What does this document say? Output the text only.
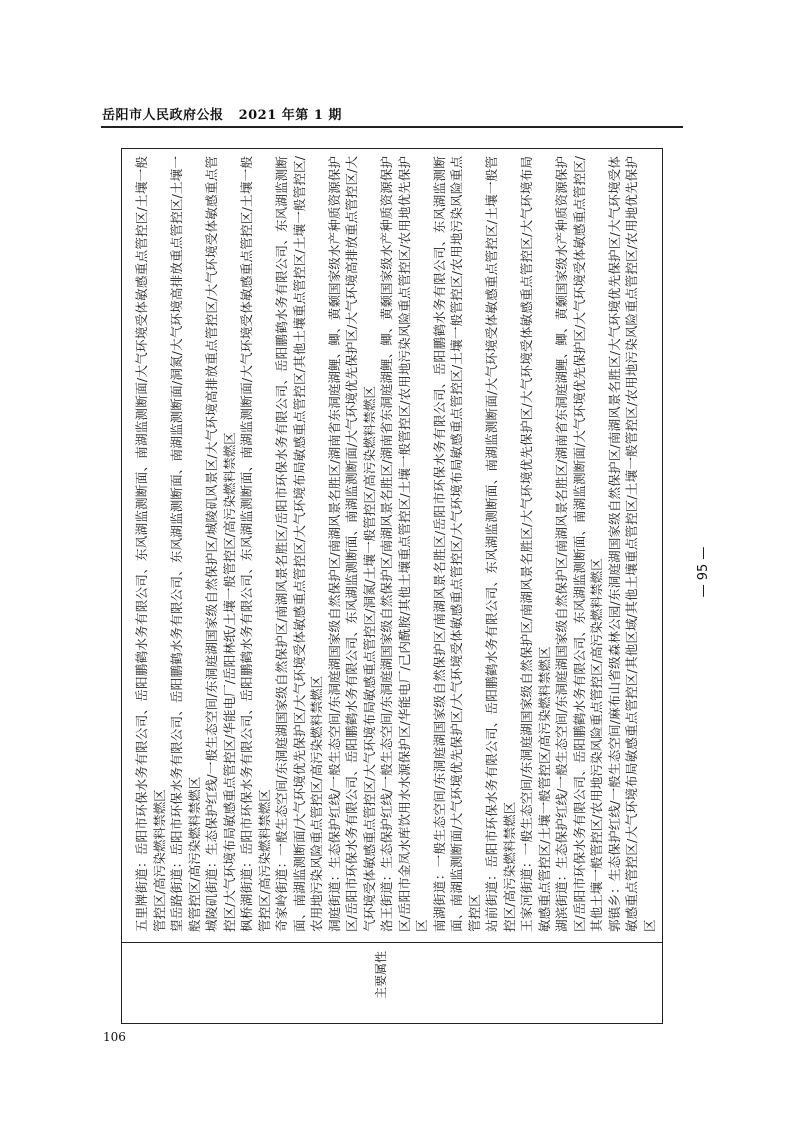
岳阳市人民政府公报 2021 年第 1 期

五里牌街道：岳阳市环保水务有限公司、岳阳鹏鹤水务有限公司、东风湖监测断面、南湖监测断面/大气环境受体敏感重点管控区/土壤一般管控区/高污染燃料禁燃区 望岳路街道：岳阳市环保水务有限公司、岳阳鹏鹤水务有限公司、东风湖监测断面、南湖监测断面/洞氮/大气环境高排放重点管控区/土壤一般管控区/高污染燃料禁燃区 城陵矶街道：生态保护红线/一般生态空间/东洞庭湖国家级自然保护区/城陵矶风景区/大气环境高排放重点管控区/大气环境受体敏感重点管控区/大气环境布局敏感重点管控区/华能电厂/岳阳林纸/土壤一般管控区/高污染燃料禁燃区 枫桥湖街道：岳阳市环保水务有限公司、岳阳鹏鹤水务有限公司、东风湖监测断面、南湖监测断面/大气环境受体敏感重点管控区/土壤一般管控区/高污染燃料禁燃区 奇家岭街道：一般生态空间/东洞庭湖国家级自然保护区/南湖风景名胜区/岳阳市环保水务有限公司、岳阳鹏鹤水务有限公司、东风湖监测断面、南湖监测断面/大气环境优先保护区/大气环境受体敏感重点管控区/大气环境布局敏感重点管控区/其他土壤重点管控区/土壤一般管控区/农用地污染风险重点管控区/高污染燃料禁燃区 洞庭街道：生态保护红线/一般生态空间/东洞庭湖国家级自然保护区/南湖风景名胜区/湖南省东洞庭湖鲤、鲫、黄颡国家级水产种质资源保护区/岳阳市环保水务有限公司、岳阳鹏鹤水务有限公司、东风湖监测断面、南湖监测断面/大气环境优先保护区/大气环境高排放重点管控区/大气环境受体敏感重点管控区/大气环境布局敏感重点管控区/洞氮/土壤一般管控区/高污染燃料禁燃区 洛王街道：生态保护红线/一般生态空间/东洞庭湖国家级自然保护区/南湖风景名胜区/湖南省东洞庭湖鲤、鲫、黄颡国家级水产种质资源保护区/岳阳市金凤水库饮用水水源保护区/华能电厂/己内酰胺/其他土壤重点管控区/土壤一般管控区/农用地污染风险重点管控区/农用地优先保护区 南湖街道：一般生态空间/东洞庭湖国家级自然保护区/南湖风景名胜区/岳阳市环保水务有限公司、岳阳鹏鹤水务有限公司、东风湖监测断面、南湖监测断面/大气环境优先保护区/大气环境受体敏感重点管控区/大气环境布局敏感重点管控区/土壤一般管控区/农用地污染风险重点管控区 站前街道：岳阳市环保水务有限公司、岳阳鹏鹤水务有限公司、东风湖监测断面、南湖监测断面/大气环境受体敏感重点管控区/土壤一般管控区/高污染燃料禁燃区 王家河街道：一般生态空间/东洞庭湖国家级自然保护区/南湖风景名胜区/大气环境优先保护区/大气环境受体敏感重点管控区/大气环境布局敏感重点管控区/土壤一般管控区/高污染燃料禁燃区 湖滨街道：生态保护红线/一般生态空间/东洞庭湖国家级自然保护区/南湖风景名胜区/湖南省东洞庭湖鲤、鲫、黄颡国家级水产种质资源保护区/岳阳市环保水务有限公司、岳阳鹏鹤水务有限公司、东风湖监测断面、南湖监测断面/大气环境优先保护区/大气环境受体敏感重点管控区/其他土壤一般管控区/农用地污染风险重点管控区/高污染燃料禁燃区 郭镇乡：生态保护红线/一般生态空间/麻布山省级森林公园/东洞庭湖国家级自然保护区/南湖风景名胜区/大气环境优先保护区/大气环境受体敏感重点管控区/大气环境布局敏感重点管控区/其他区域/其他土壤重点管控区/土壤一般管控区/农用地污染风险重点管控区/农用地优先保护区

主要属性
— 95 —
106
